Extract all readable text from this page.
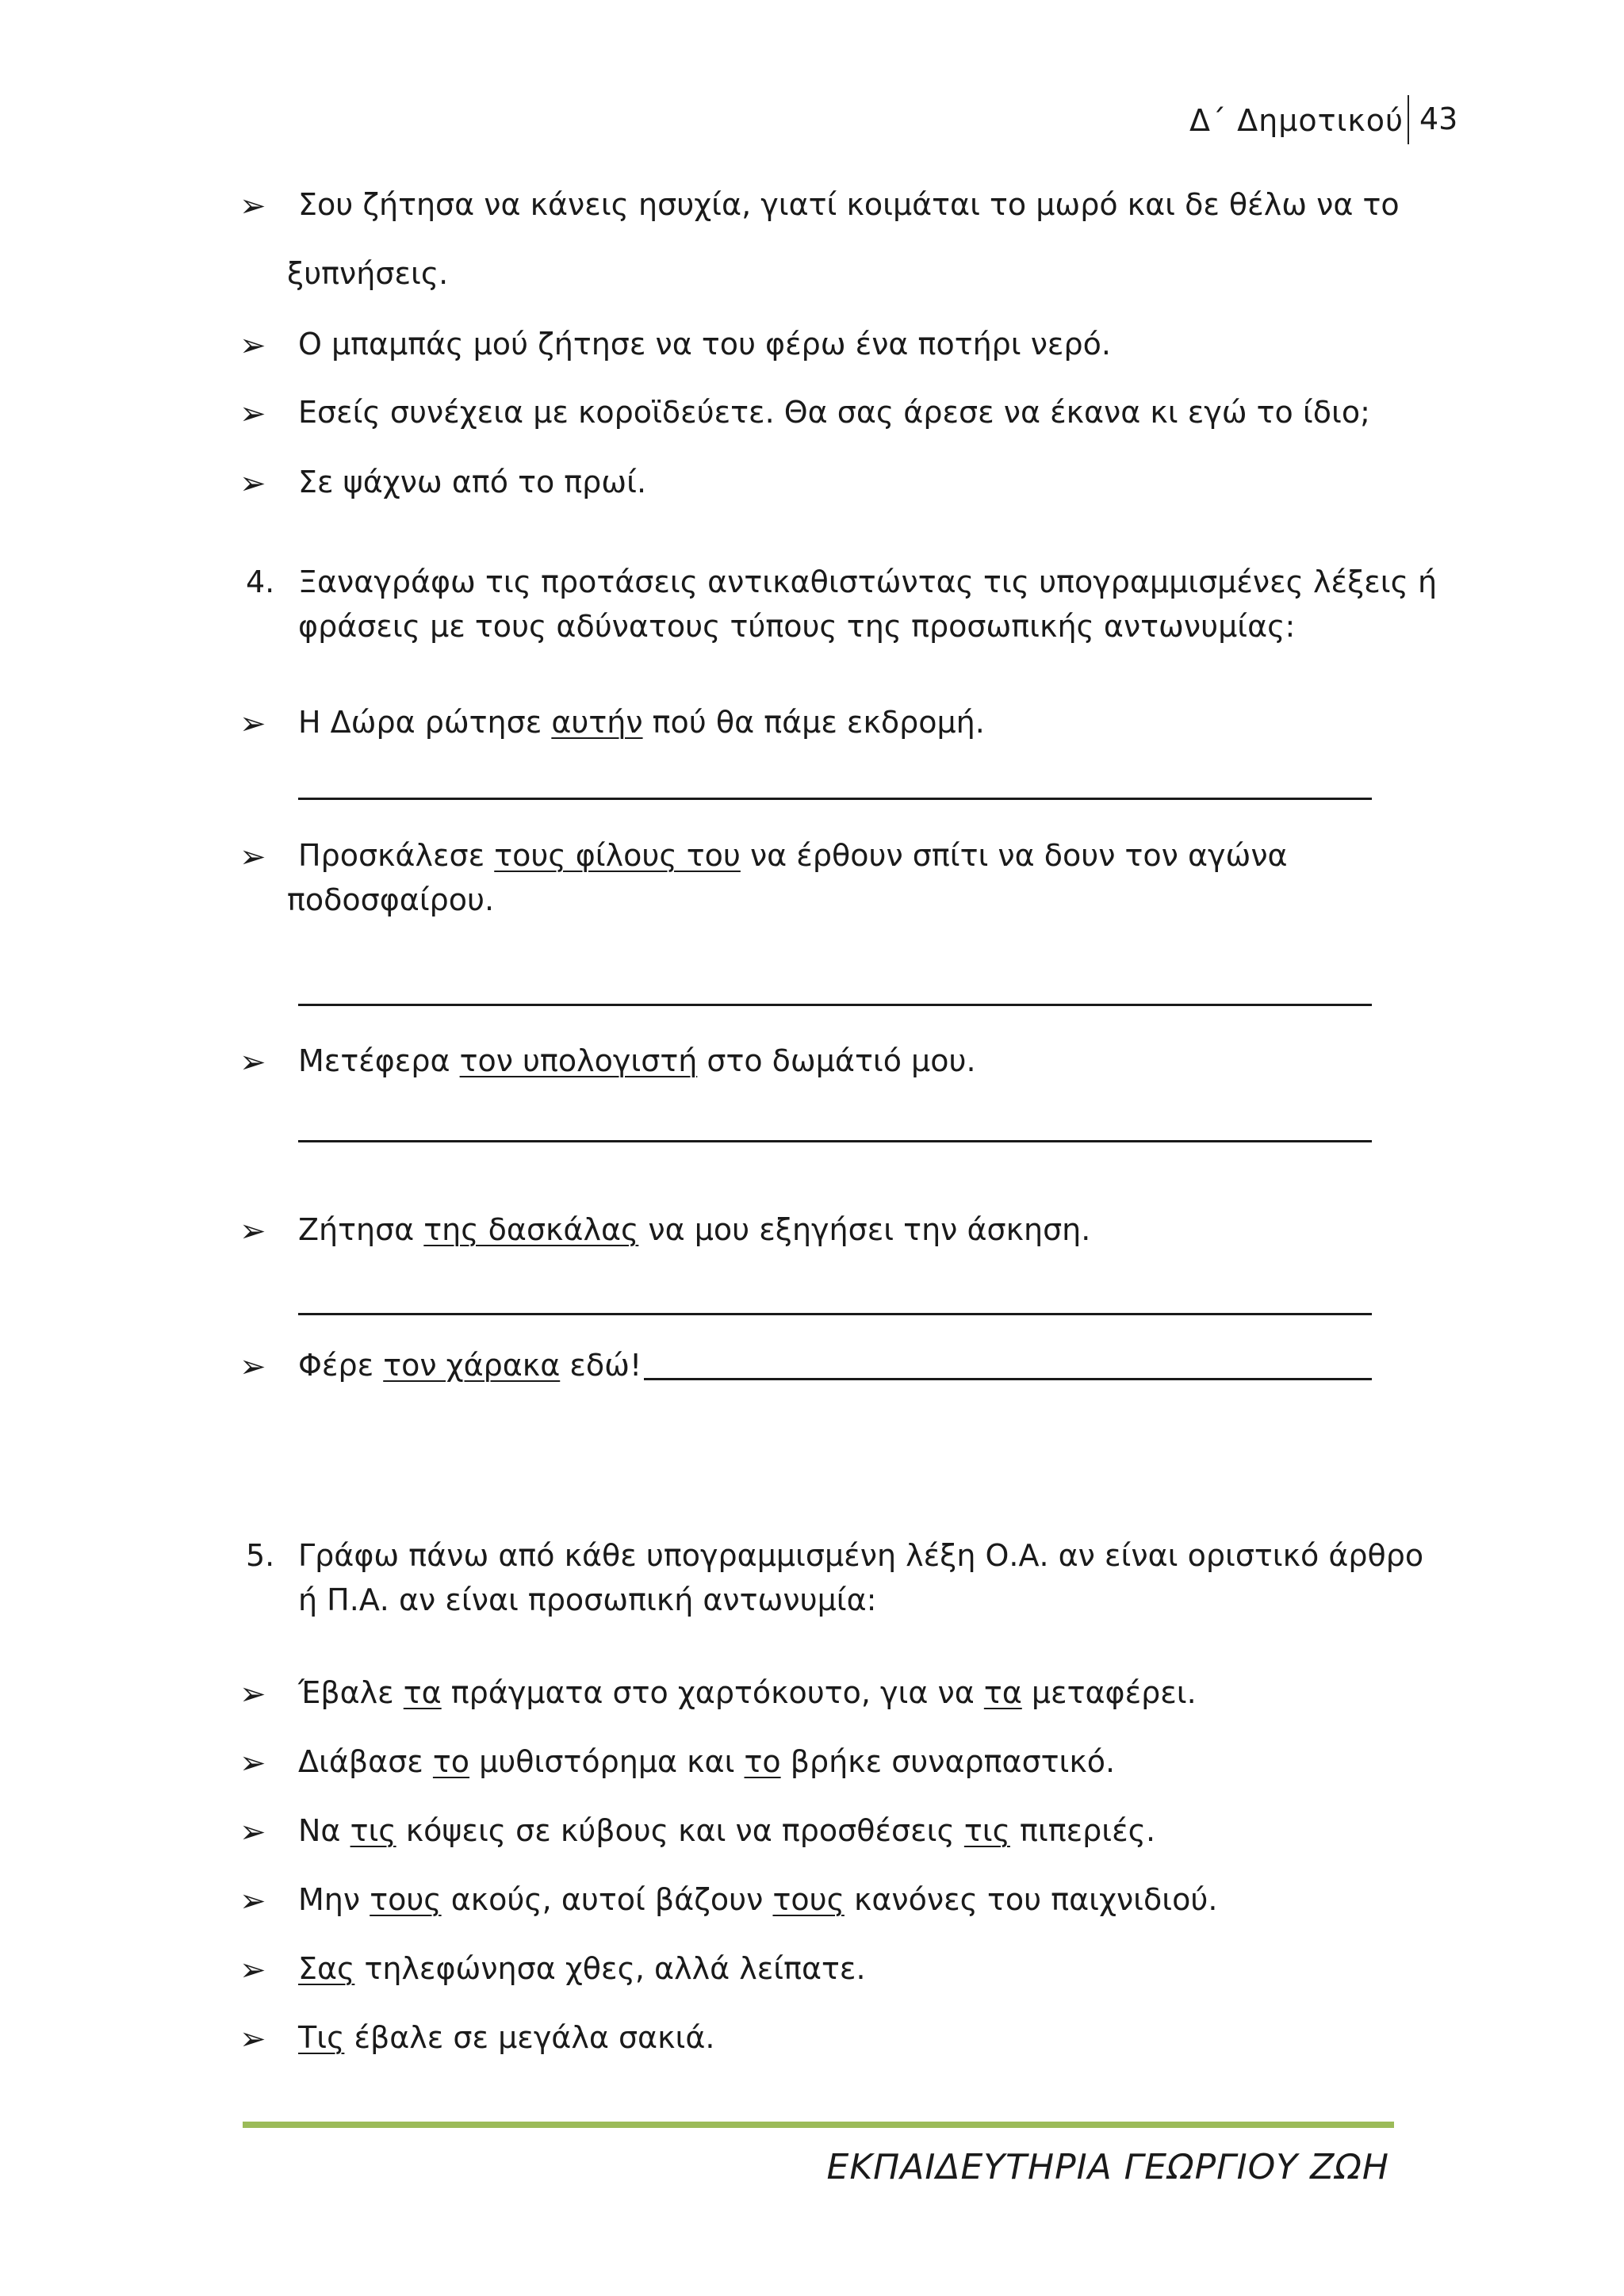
Δ΄ Δημοτικού 43
➢ Σου ζήτησα να κάνεις ησυχία, γιατί κοιμάται το μωρό και δε θέλω να το
ξυπνήσεις.
➢ Ο μπαμπάς μού ζήτησε να του φέρω ένα ποτήρι νερό.
➢ Εσείς συνέχεια με κοροϊδεύετε. Θα σας άρεσε να έκανα κι εγώ το ίδιο;
➢ Σε ψάχνω από το πρωί.
4. Ξαναγράφω τις προτάσεις αντικαθιστώντας τις υπογραμμισμένες λέξεις ή
φράσεις με τους αδύνατους τύπους της προσωπικής αντωνυμίας:
➢ Η Δώρα ρώτησε αυτήν πού θα πάμε εκδρομή.
➢ Προσκάλεσε τους φίλους του να έρθουν σπίτι να δουν τον αγώνα
ποδοσφαίρου.
➢ Μετέφερα τον υπολογιστή στο δωμάτιό μου.
➢ Ζήτησα της δασκάλας να μου εξηγήσει την άσκηση.
➢ Φέρε τον χάρακα εδώ!
5. Γράφω πάνω από κάθε υπογραμμισμένη λέξη Ο.Α. αν είναι οριστικό άρθρο
ή Π.Α. αν είναι προσωπική αντωνυμία:
➢ Έβαλε τα πράγματα στο χαρτόκουτο, για να τα μεταφέρει.
➢ Διάβασε το μυθιστόρημα και το βρήκε συναρπαστικό.
➢ Να τις κόψεις σε κύβους και να προσθέσεις τις πιπεριές.
➢ Μην τους ακούς, αυτοί βάζουν τους κανόνες του παιχνιδιού.
➢ Σας τηλεφώνησα χθες, αλλά λείπατε.
➢ Τις έβαλε σε μεγάλα σακιά.
ΕΚΠΑΙΔΕΥΤΗΡΙΑ ΓΕΩΡΓΙΟΥ ΖΩΗ
